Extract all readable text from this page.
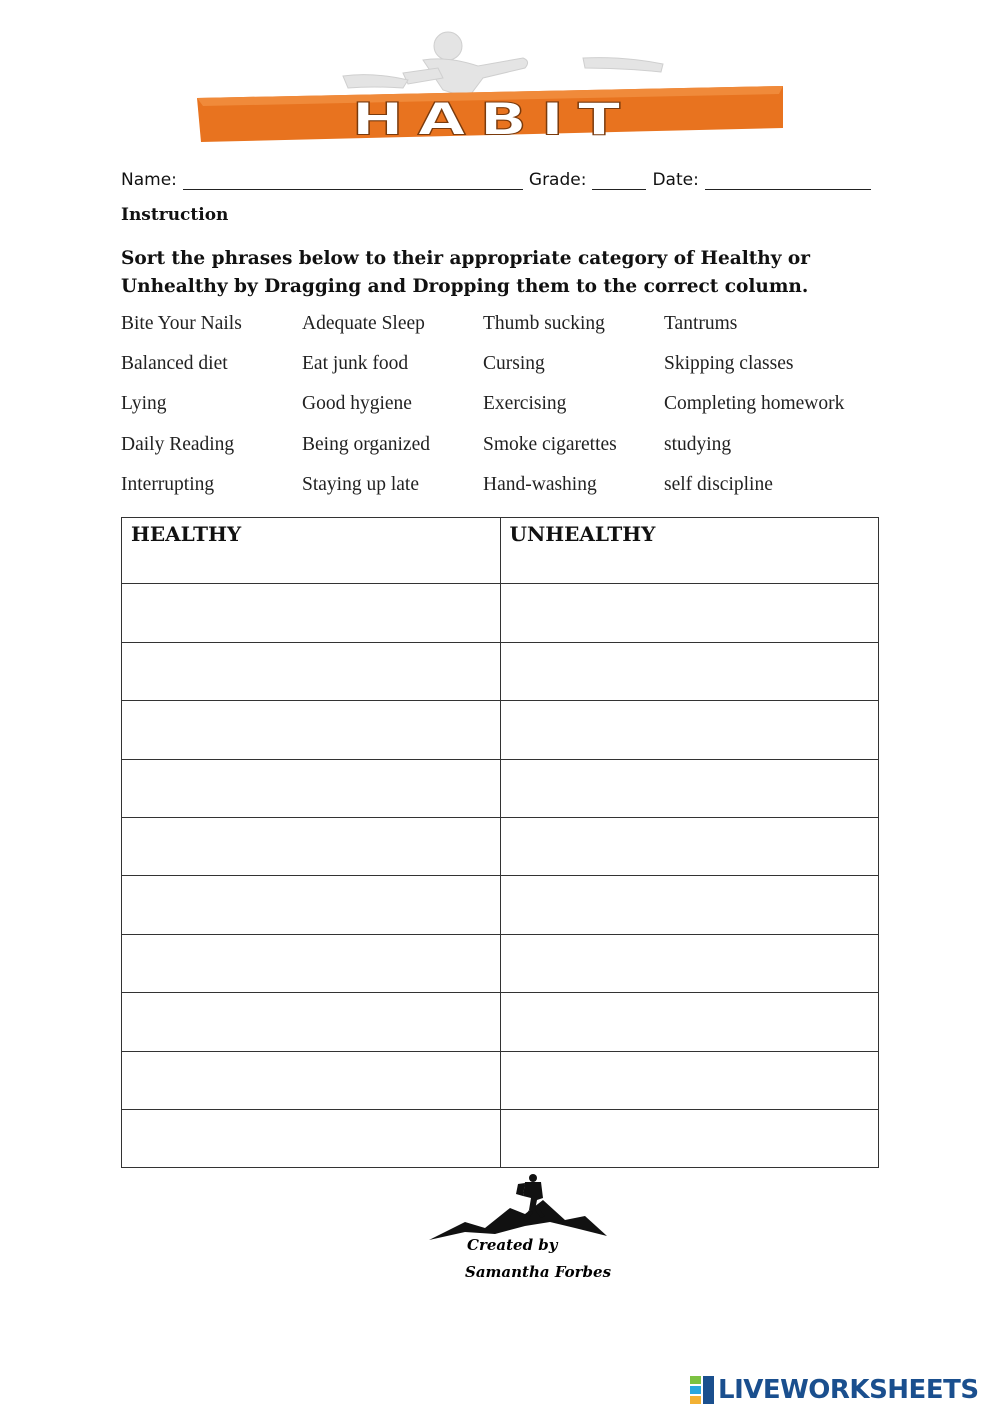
HABIT
Name:	Grade:	Date:
Instruction
Sort the phrases below to their appropriate category of Healthy or Unhealthy by Dragging and Dropping them to the correct column.
Bite Your Nails	Adequate Sleep	Thumb sucking	Tantrums
Balanced diet	Eat junk food	Cursing	Skipping classes
Lying	Good hygiene	Exercising	Completing homework
Daily Reading	Being organized	Smoke cigarettes	studying
Interrupting	Staying up late	Hand-washing	self discipline
HEALTHY	UNHEALTHY

Created by
Samantha Forbes
LIVEWORKSHEETS
